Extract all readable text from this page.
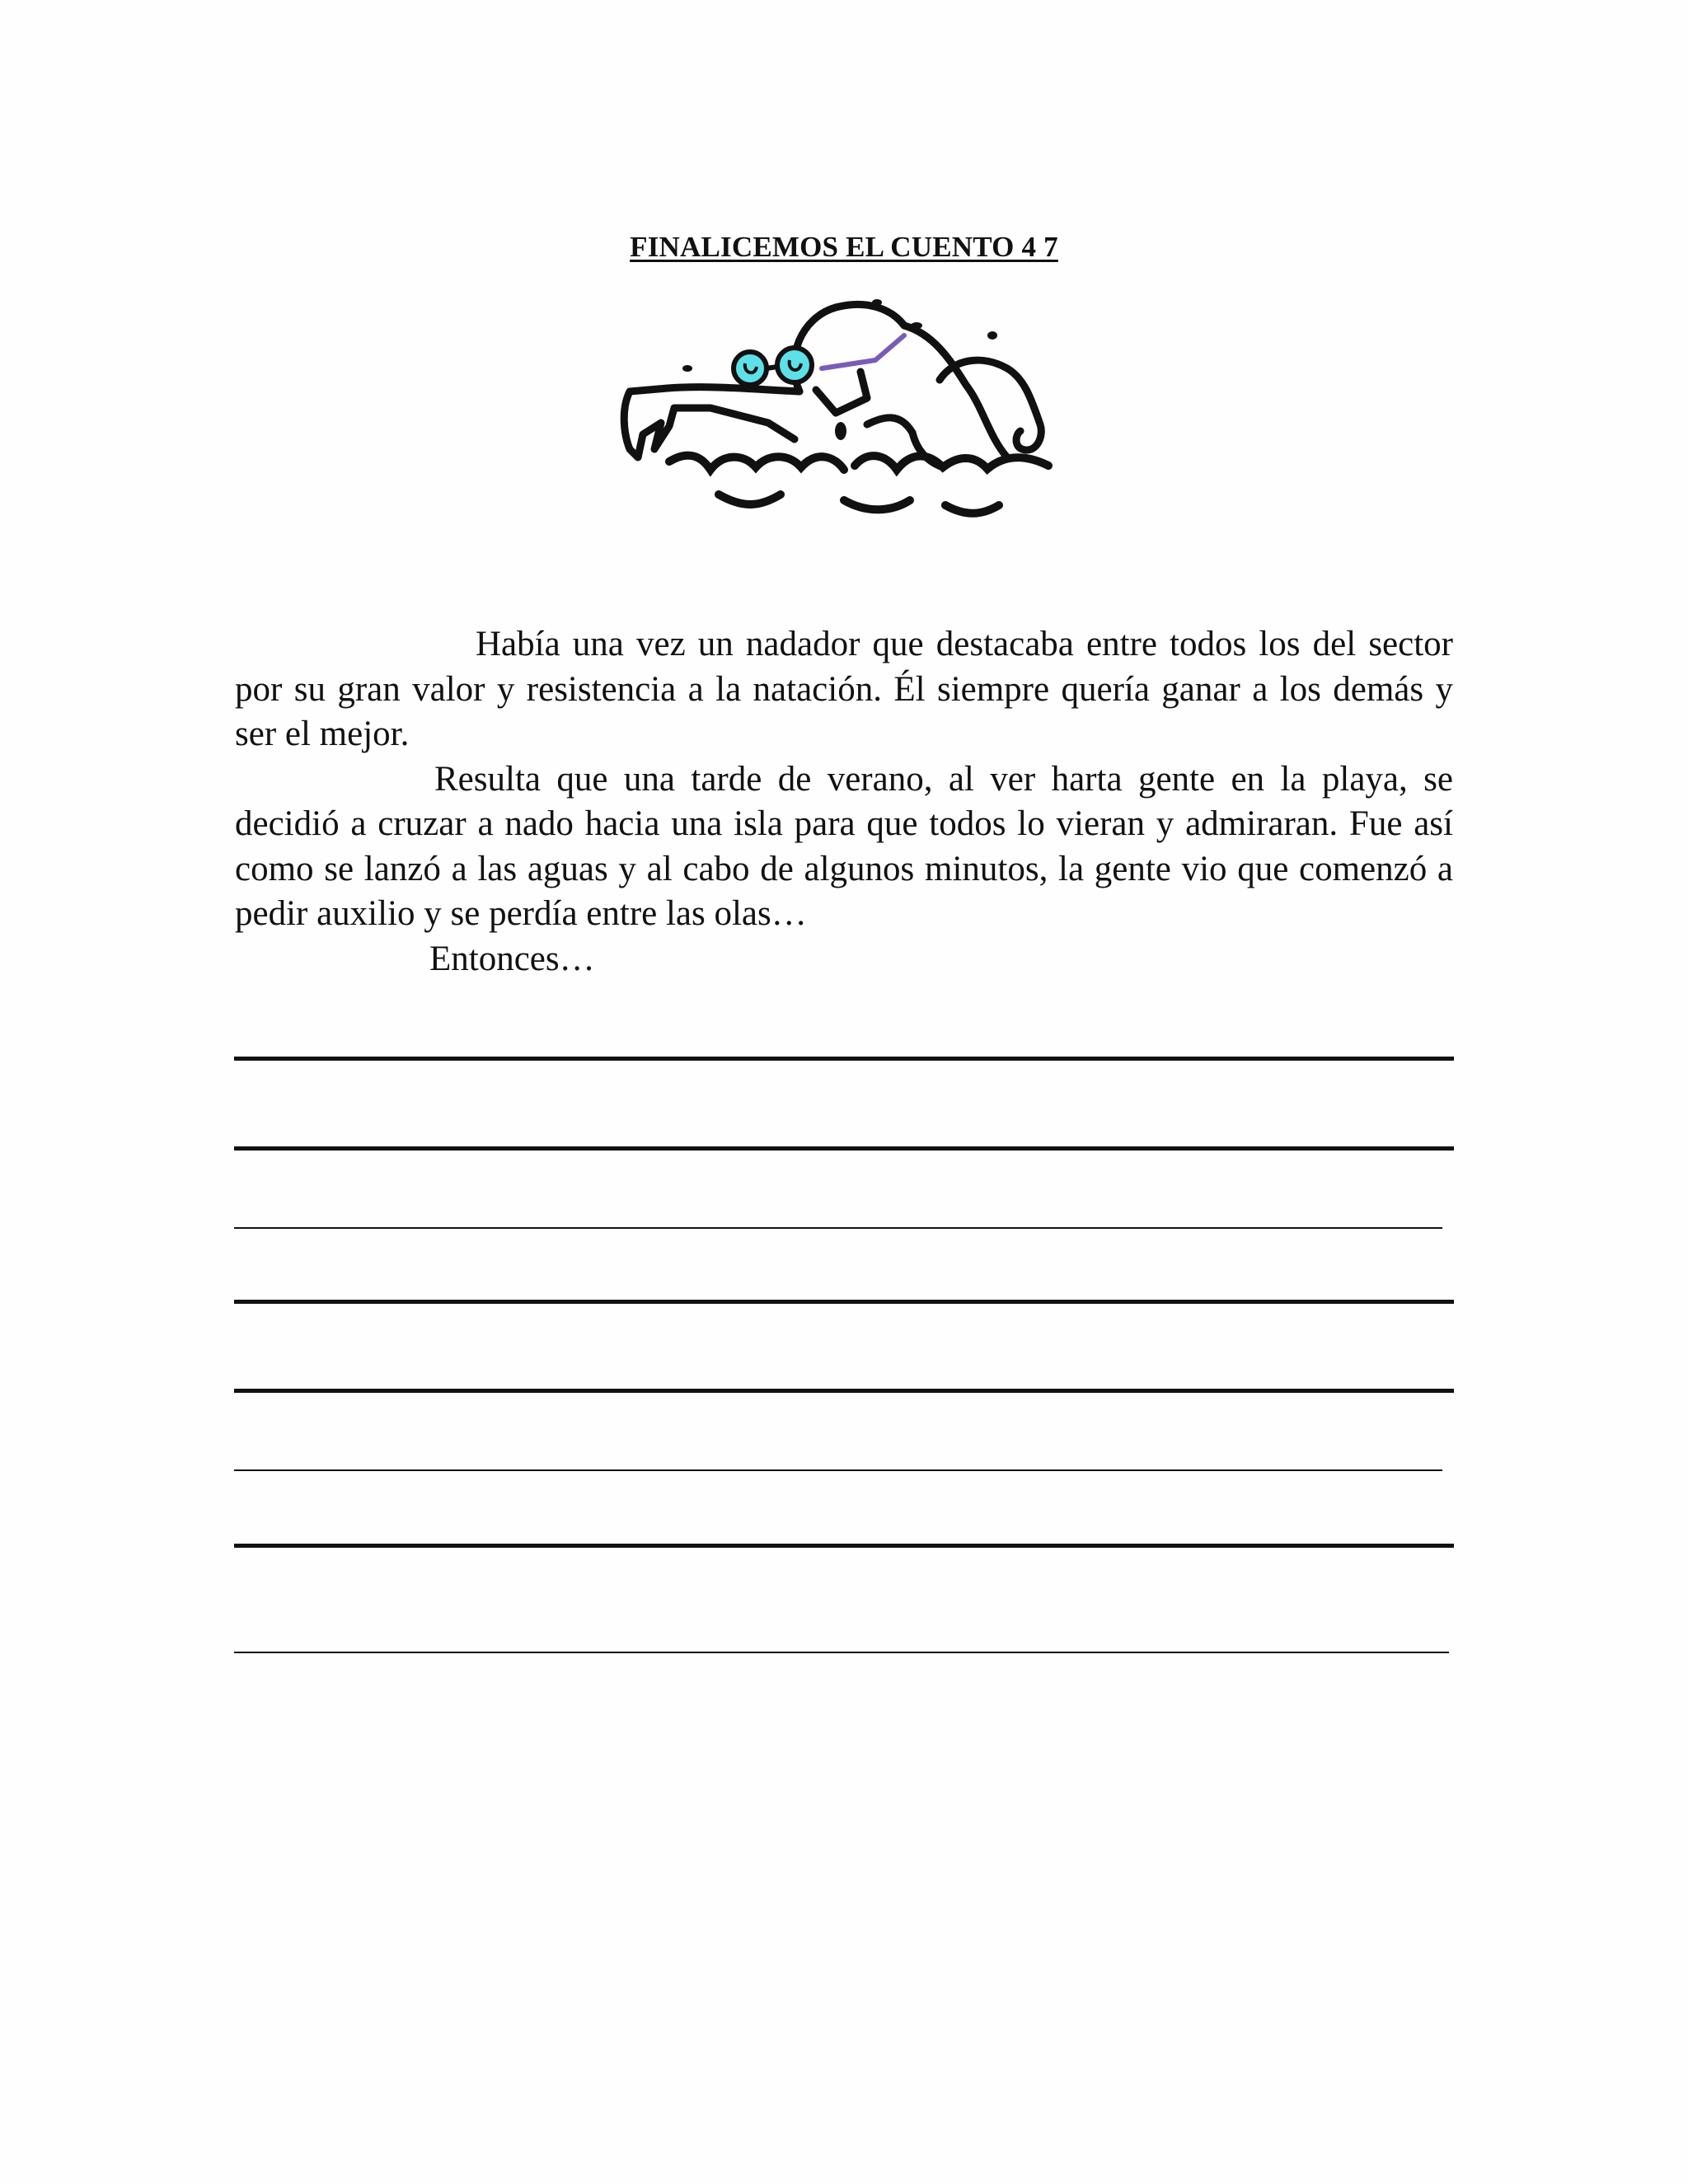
FINALICEMOS EL CUENTO 4 7

Había una vez un nadador que destacaba entre todos los del sector por su gran valor y resistencia a la natación. Él siempre quería ganar a los demás y ser el mejor.

Resulta que una tarde de verano, al ver harta gente en la playa, se decidió a cruzar a nado hacia una isla para que todos lo vieran y admiraran. Fue así como se lanzó a las aguas y al cabo de algunos minutos, la gente vio que comenzó a pedir auxilio y se perdía entre las olas…

Entonces…
